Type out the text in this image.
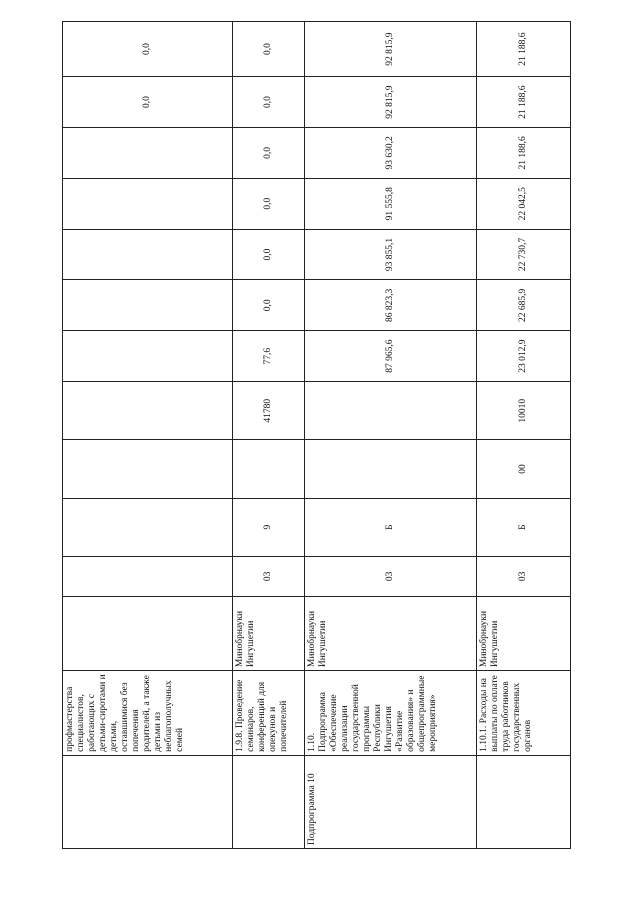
	профмастерства специалистов, работающих с детьми-сиротами и детьми, оставшимися без попечения родителей, а также детьми из неблагополучных семей											0,0	0,0
	1.9.8. Проведение семинаров, конференций для опекунов и попечителей	Минобрнауки Ингушетии	03	9		41780	77,6	0,0	0,0	0,0	0,0	0,0	0,0
Подпрограмма 10	1.10. Подпрограмма «Обеспечение реализации государственной программы Республики Ингушетия «Развитие образования» и общепрограммные мероприятия»	Минобрнауки Ингушетии	03	Б			87 965,6	86 823,3	93 855,1	91 555,8	93 630,2	92 815,9	92 815,9
	1.10.1. Расходы на выплаты по оплате труда работников государственных органов	Минобрнауки Ингушетии	03	Б	00	10010	23 012,9	22 685,9	22 730,7	22 042,5	21 188,6	21 188,6	21 188,6
